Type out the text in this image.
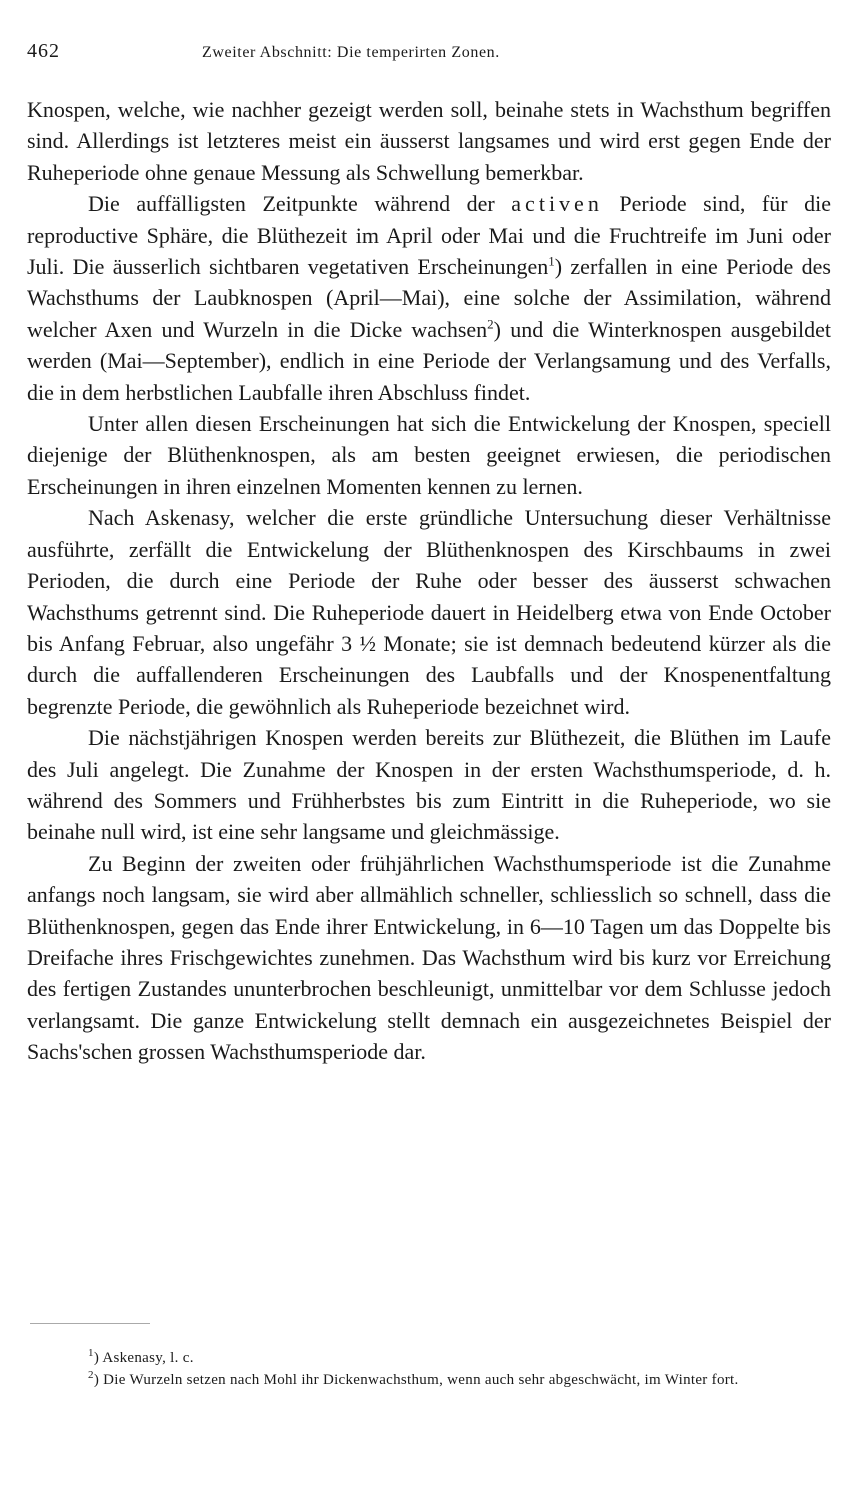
462	Zweiter Abschnitt: Die temperirten Zonen.

Knospen, welche, wie nachher gezeigt werden soll, beinahe stets in Wachsthum begriffen sind. Allerdings ist letzteres meist ein äusserst langsames und wird erst gegen Ende der Ruheperiode ohne genaue Messung als Schwellung bemerkbar.

Die auffälligsten Zeitpunkte während der activen Periode sind, für die reproductive Sphäre, die Blüthezeit im April oder Mai und die Fruchtreife im Juni oder Juli. Die äusserlich sichtbaren vegetativen Erscheinungen$^1$) zerfallen in eine Periode des Wachsthums der Laubknospen (April—Mai), eine solche der Assimilation, während welcher Axen und Wurzeln in die Dicke wachsen$^2$) und die Winterknospen ausgebildet werden (Mai—September), endlich in eine Periode der Verlangsamung und des Verfalls, die in dem herbstlichen Laubfalle ihren Abschluss findet.

Unter allen diesen Erscheinungen hat sich die Entwickelung der Knospen, speciell diejenige der Blüthenknospen, als am besten geeignet erwiesen, die periodischen Erscheinungen in ihren einzelnen Momenten kennen zu lernen.

Nach Askenasy, welcher die erste gründliche Untersuchung dieser Verhältnisse ausführte, zerfällt die Entwickelung der Blüthenknospen des Kirschbaums in zwei Perioden, die durch eine Periode der Ruhe oder besser des äusserst schwachen Wachsthums getrennt sind. Die Ruheperiode dauert in Heidelberg etwa von Ende October bis Anfang Februar, also ungefähr 3 ½ Monate; sie ist demnach bedeutend kürzer als die durch die auffallenderen Erscheinungen des Laubfalls und der Knospenentfaltung begrenzte Periode, die gewöhnlich als Ruheperiode bezeichnet wird.

Die nächstjährigen Knospen werden bereits zur Blüthezeit, die Blüthen im Laufe des Juli angelegt. Die Zunahme der Knospen in der ersten Wachsthumsperiode, d. h. während des Sommers und Frühherbstes bis zum Eintritt in die Ruheperiode, wo sie beinahe null wird, ist eine sehr langsame und gleichmässige.

Zu Beginn der zweiten oder frühjährlichen Wachsthumsperiode ist die Zunahme anfangs noch langsam, sie wird aber allmählich schneller, schliesslich so schnell, dass die Blüthenknospen, gegen das Ende ihrer Entwickelung, in 6—10 Tagen um das Doppelte bis Dreifache ihres Frischgewichtes zunehmen. Das Wachsthum wird bis kurz vor Erreichung des fertigen Zustandes ununterbrochen beschleunigt, unmittelbar vor dem Schlusse jedoch verlangsamt. Die ganze Entwickelung stellt demnach ein ausgezeichnetes Beispiel der Sachs'schen grossen Wachsthumsperiode dar.

$^1$) Askenasy, l. c.

$^2$) Die Wurzeln setzen nach Mohl ihr Dickenwachsthum, wenn auch sehr abgeschwächt, im Winter fort.
